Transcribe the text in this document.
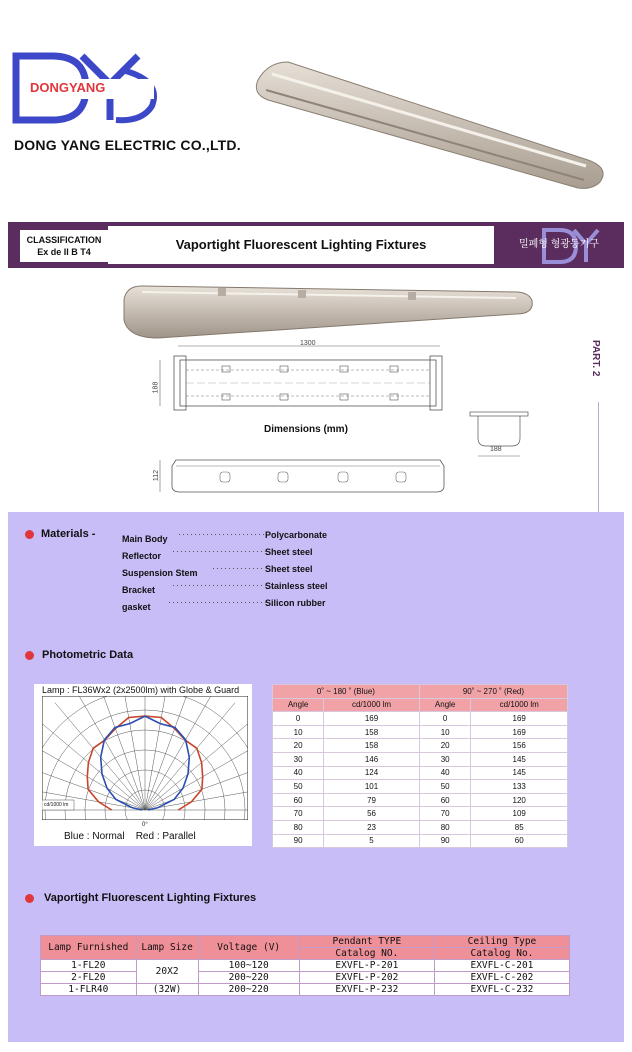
DONGYANG
DONG YANG ELECTRIC CO.,LTD.
CLASSIFICATION
Ex de II B T4	Vaportight Fluorescent Lighting Fixtures	밀폐형 형광등기구
PART. 2
1300
188
Dimensions (mm)
188
112
Materials -	Main Body ······················ Polycarbonate
Reflector ························
Sheet steel
Suspension Stem ············· Sheet steel
Bracket ························
Stainless steel
gasket ·························
Silicon rubber
Photometric Data
Lamp : FL36Wx2 (2x2500lm) with Globe & Guard
cd/1000 lm
0°
Blue : Normal    Red : Parallel
0˚ ~ 180 ˚ (Blue)		90˚ ~ 270 ˚ (Red)	
Angle	cd/1000 lm	Angle	cd/1000 lm
0	169	0	169
10	158	10	169
20	158	20	156
30	146	30	145
40	124	40	145
50	101	50	133
60	79	60	120
70	56	70	109
80	23	80	85
90	5	90	60
Vaportight Fluorescent Lighting Fixtures
Lamp Furnished	Lamp Size	Voltage (V)	Pendant TYPE	Ceiling Type
			Catalog NO.	Catalog No.
1-FL20	20X2	100~120	EXVFL-P-201	EXVFL-C-201
2-FL20		200~220	EXVFL-P-202	EXVFL-C-202
1-FLR40	(32W)	200~220	EXVFL-P-232	EXVFL-C-232
